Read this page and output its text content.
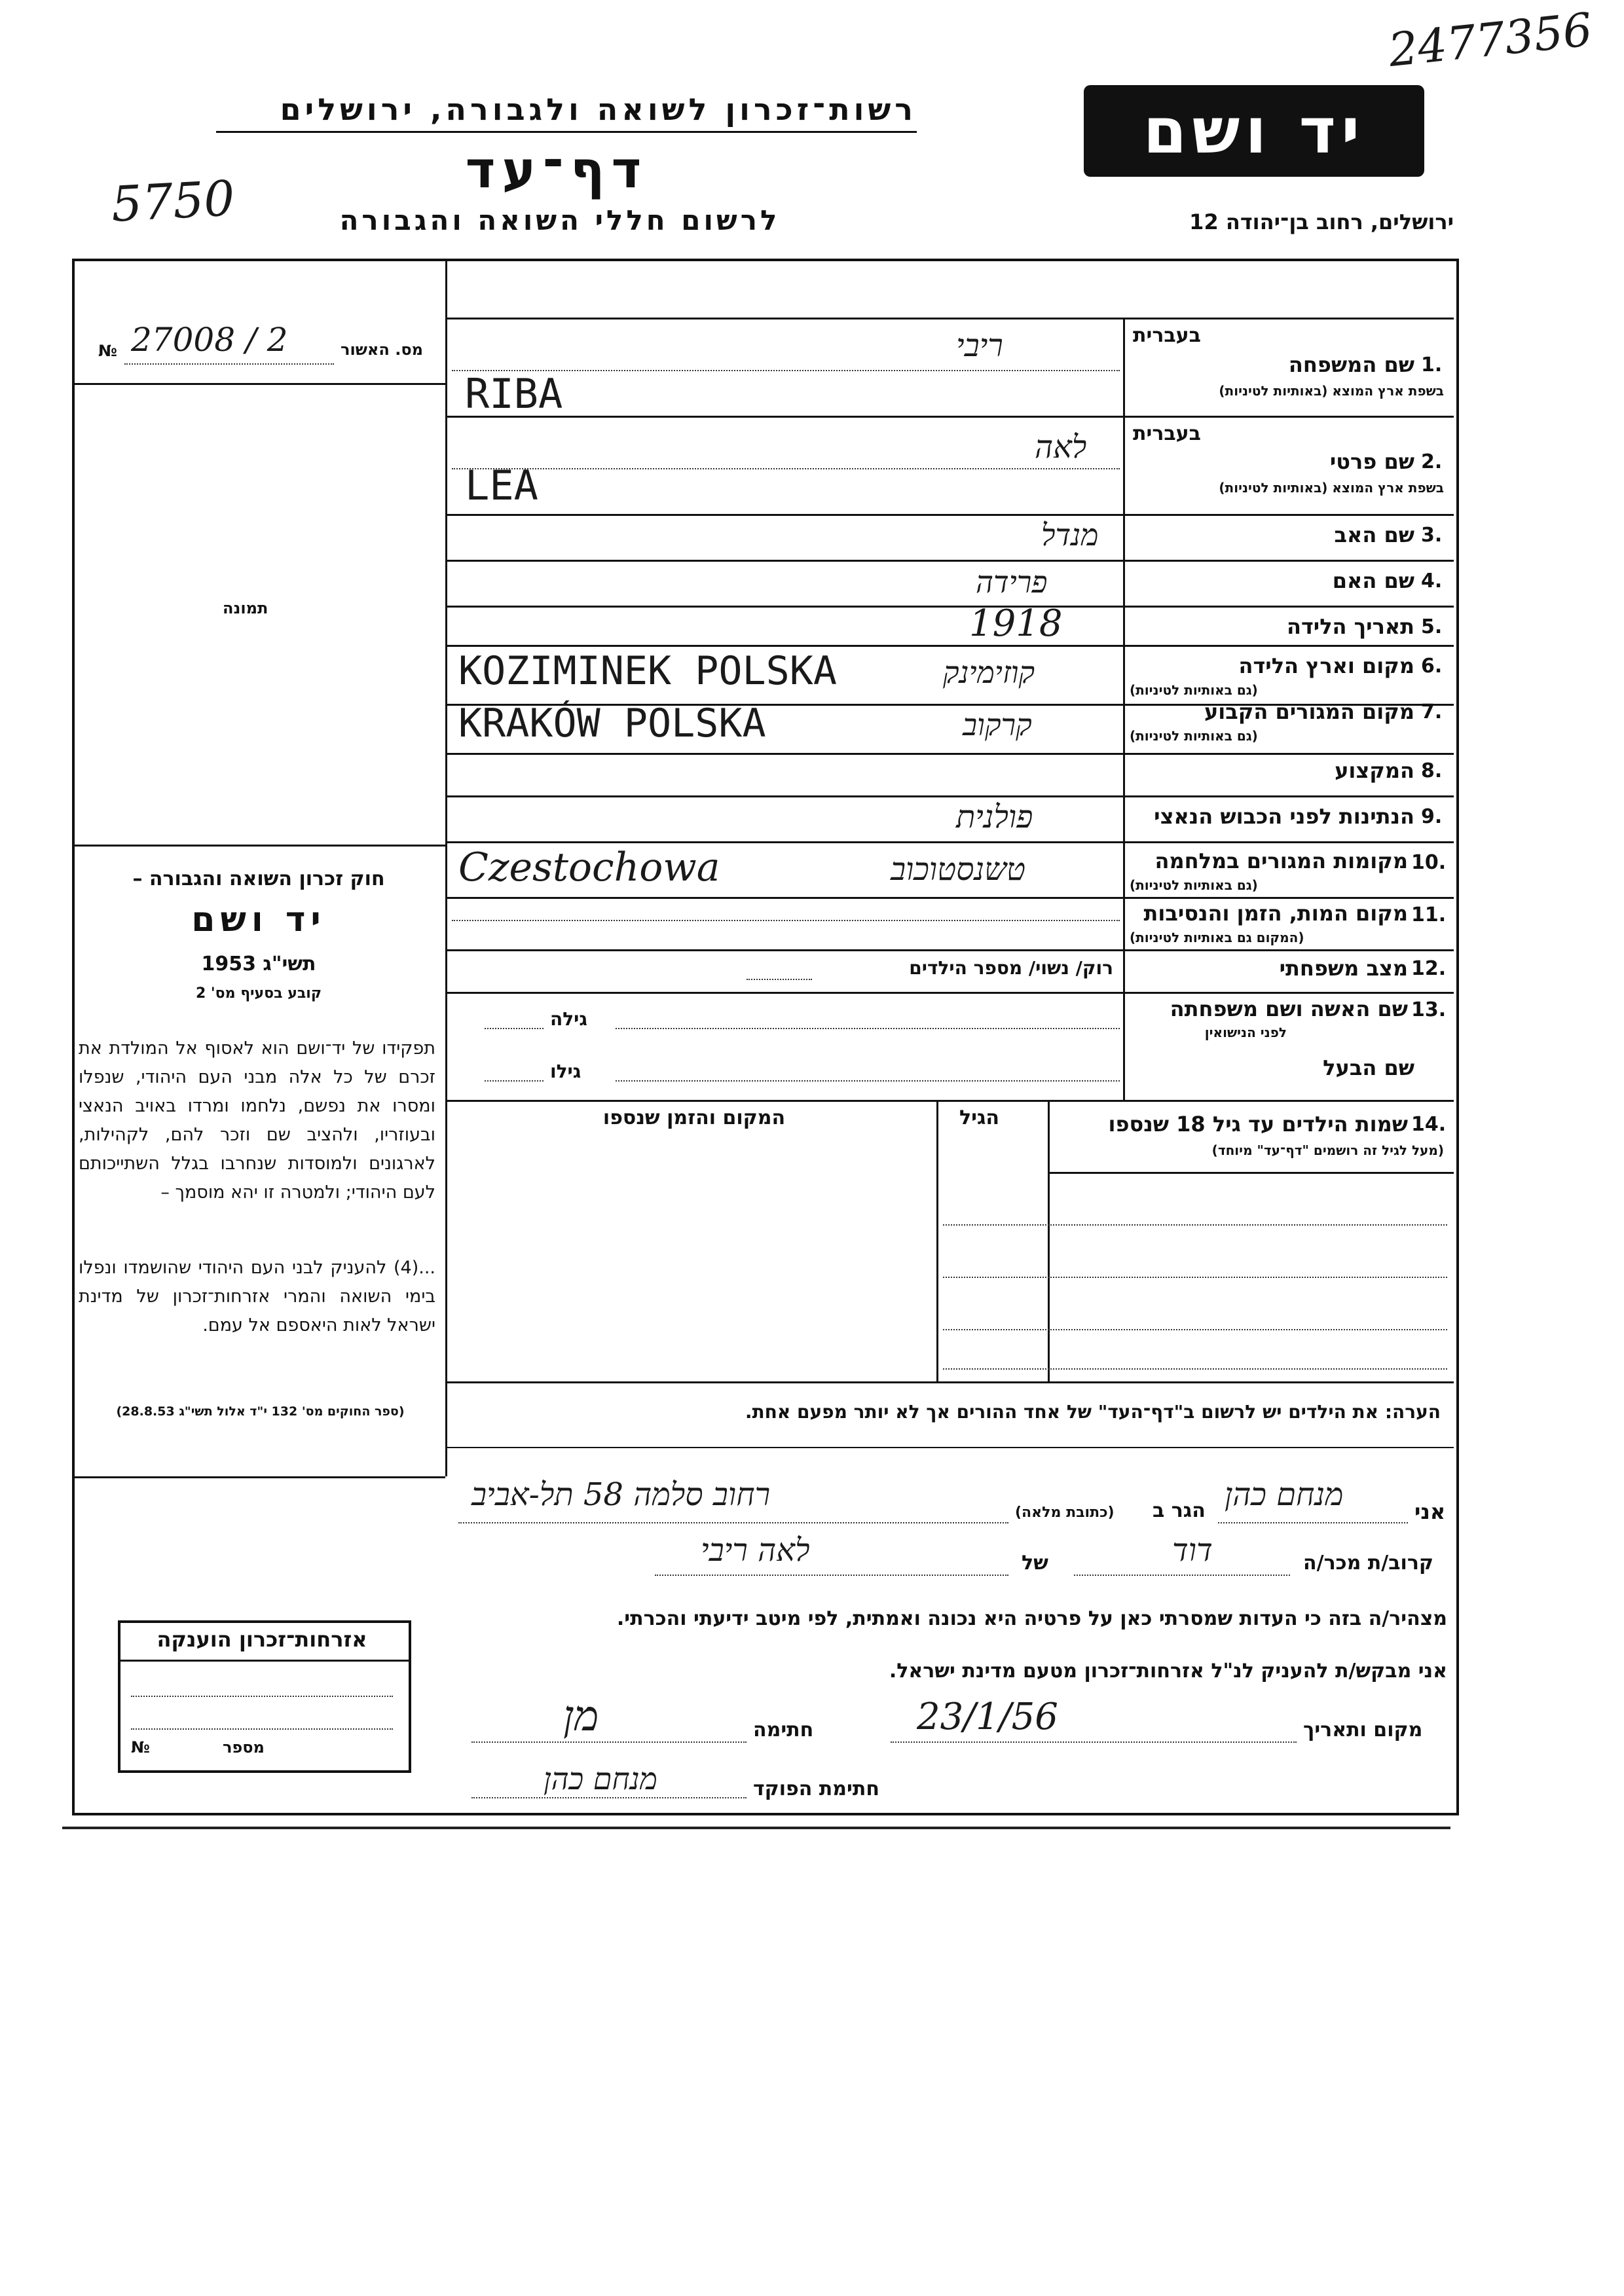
רשות־זכרון לשואה ולגבורה, ירושלים
דף־עד
לרשום חללי השואה והגבורה
5750
יד ושם
2477356
ירושלים, רחוב בן־יהודה 12
מס. האשור
№ 27008 / 2
תמונה
חוק זכרון השואה והגבורה –
יד ושם
תשי"ג 1953
קובע בסעיף מס' 2
תפקידו של יד־ושם הוא לאסוף אל המולדת את זכרם של כל אלה מבני העם היהודי, שנפלו ומסרו את נפשם, נלחמו ומרדו באויב הנאצי ובעוזריו, ולהציב שם וזכר להם, לקהילות, לארגונים ולמוסדות שנחרבו בגלל השתייכותם לעם היהודי; ולמטרה זו יהא מוסמך –
...(4) להעניק לבני העם היהודי שהושמדו ונפלו בימי השואה והמרי אזרחות־זכרון של מדינת ישראל לאות היאספם אל עמם.
(ספר החוקים מס' 132 י"ד אלול תשי"ג 28.8.53)
בעברית
1.
שם המשפחה
בשפת ארץ המוצא (באותיות לטיניות)
ריבי
RIBA
בעברית
2.
שם פרטי
בשפת ארץ המוצא (באותיות לטיניות)
לאה
LEA
3.
שם האב
מנדל
4.
שם האם
פרידה
5.
תאריך הלידה
1918
6.
מקום וארץ הלידה
(גם באותיות לטיניות)
KOZIMINEK POLSKA	קוזימינק
7.
מקום המגורים הקבוע
(גם באותיות לטיניות)
KRAKÓW POLSKA	קרקוב
8.
המקצוע
9.
הנתינות לפני הכבוש הנאצי
פולנית
10.
מקומות המגורים במלחמה
(גם באותיות לטיניות)
Czestochowa	טשנסטוכוב
11.
מקום המות, הזמן והנסיבות
(המקום גם באותיות לטיניות)
12.
מצב משפחתי
רוק/ נשוי/ מספר הילדים
13.
שם האשה ושם משפחתה
לפני הנישואין
גילה
שם הבעל
גילו
14.
שמות הילדים עד גיל 18 שנספו
(מעל לגיל זה רושמים "דף־עד" מיוחד)
הגיל
המקום והזמן שנספו
הערה: את הילדים יש לרשום ב"דף־העד" של אחד ההורים אך לא יותר מפעם אחת.
אני
מנחם כהן
הגר ב
(כתובת מלאה)
רחוב סלמה 58 תל-אביב
קרוב/ת מכר/ה
דוד
של
לאה ריבי
מצהיר/ה בזה כי העדות שמסרתי כאן על פרטיה היא נכונה ואמתית, לפי מיטב ידיעתי והכרתי.
אני מבקש/ת להעניק לנ"ל אזרחות־זכרון מטעם מדינת ישראל.
מקום ותאריך
23/1/56
חתימה
מן
חתימת הפוקד
מנחם כהן
אזרחות־זכרון הוענקה
מספר
№
